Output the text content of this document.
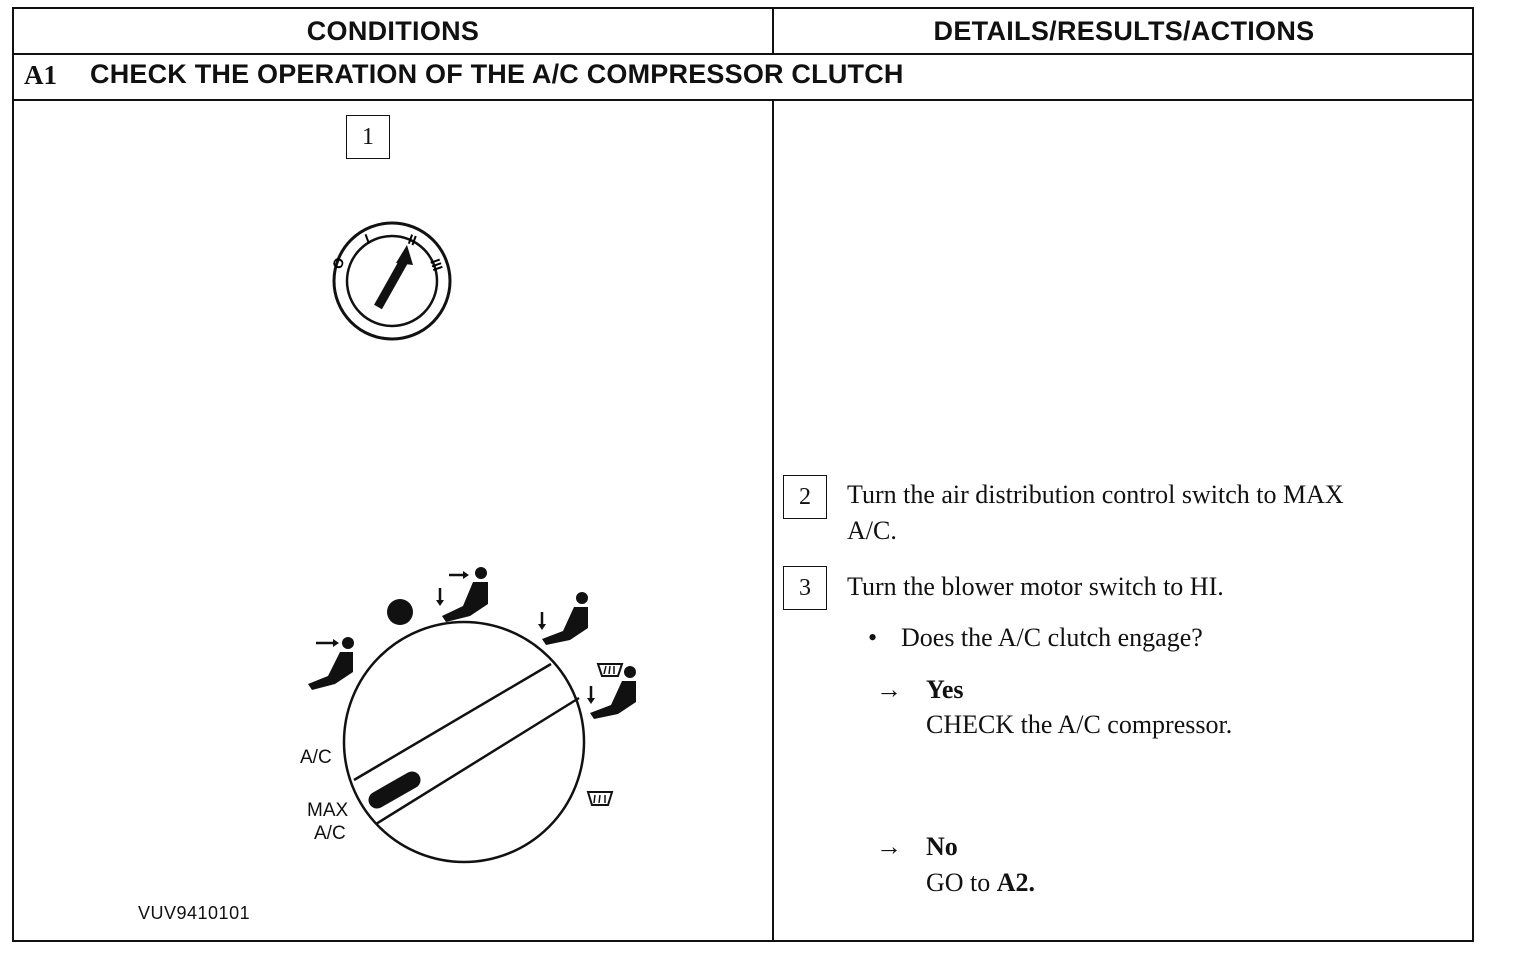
CONDITIONS	DETAILS/RESULTS/ACTIONS
A1 CHECK THE OPERATION OF THE A/C COMPRESSOR CLUTCH
1
O
I II
III
A/C
MAX
A/C
VUV9410101
2	Turn the air distribution control switch to MAX
A/C.
3	Turn the blower motor switch to HI.
• Does the A/C clutch engage?
→ Yes
CHECK the A/C compressor.
→ No
GO to A2.
